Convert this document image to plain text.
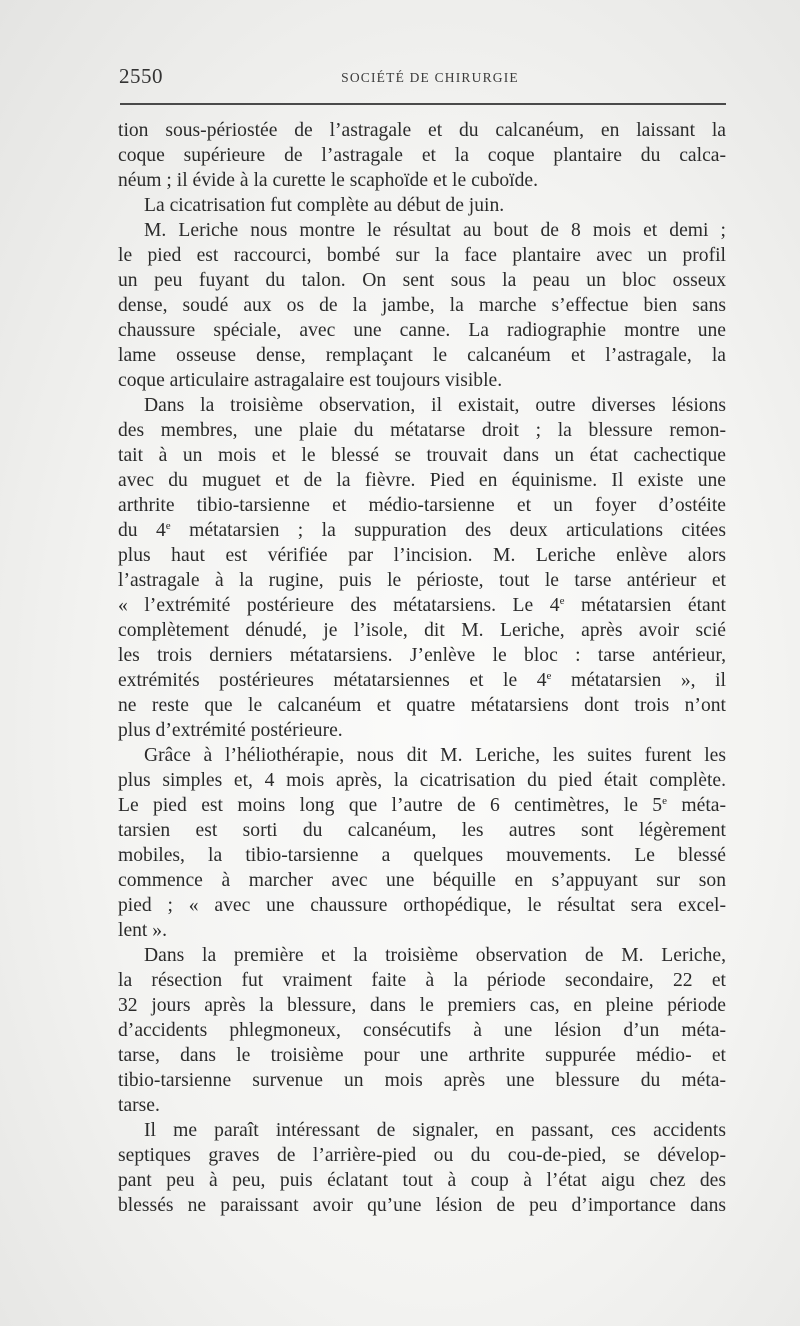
2550	SOCIÉTÉ DE CHIRURGIE
tion sous-périostée de l’astragale et du calcanéum, en laissant la
coque supérieure de l’astragale et la coque plantaire du calca-
néum ; il évide à la curette le scaphoïde et le cuboïde.
La cicatrisation fut complète au début de juin.
M. Leriche nous montre le résultat au bout de 8 mois et demi ;
le pied est raccourci, bombé sur la face plantaire avec un profil
un peu fuyant du talon. On sent sous la peau un bloc osseux
dense, soudé aux os de la jambe, la marche s’effectue bien sans
chaussure spéciale, avec une canne. La radiographie montre une
lame osseuse dense, remplaçant le calcanéum et l’astragale, la
coque articulaire astragalaire est toujours visible.
Dans la troisième observation, il existait, outre diverses lésions
des membres, une plaie du métatarse droit ; la blessure remon-
tait à un mois et le blessé se trouvait dans un état cachectique
avec du muguet et de la fièvre. Pied en équinisme. Il existe une
arthrite tibio-tarsienne et médio-tarsienne et un foyer d’ostéite
du 4e métatarsien ; la suppuration des deux articulations citées
plus haut est vérifiée par l’incision. M. Leriche enlève alors
l’astragale à la rugine, puis le périoste, tout le tarse antérieur et
« l’extrémité postérieure des métatarsiens. Le 4e métatarsien étant
complètement dénudé, je l’isole, dit M. Leriche, après avoir scié
les trois derniers métatarsiens. J’enlève le bloc : tarse antérieur,
extrémités postérieures métatarsiennes et le 4e métatarsien », il
ne reste que le calcanéum et quatre métatarsiens dont trois n’ont
plus d’extrémité postérieure.
Grâce à l’héliothérapie, nous dit M. Leriche, les suites furent les
plus simples et, 4 mois après, la cicatrisation du pied était complète.
Le pied est moins long que l’autre de 6 centimètres, le 5e méta-
tarsien est sorti du calcanéum, les autres sont légèrement
mobiles, la tibio-tarsienne a quelques mouvements. Le blessé
commence à marcher avec une béquille en s’appuyant sur son
pied ; « avec une chaussure orthopédique, le résultat sera excel-
lent ».
Dans la première et la troisième observation de M. Leriche,
la résection fut vraiment faite à la période secondaire, 22 et
32 jours après la blessure, dans le premiers cas, en pleine période
d’accidents phlegmoneux, consécutifs à une lésion d’un méta-
tarse, dans le troisième pour une arthrite suppurée médio- et
tibio-tarsienne survenue un mois après une blessure du méta-
tarse.
Il me paraît intéressant de signaler, en passant, ces accidents
septiques graves de l’arrière-pied ou du cou-de-pied, se dévelop-
pant peu à peu, puis éclatant tout à coup à l’état aigu chez des
blessés ne paraissant avoir qu’une lésion de peu d’importance dans
